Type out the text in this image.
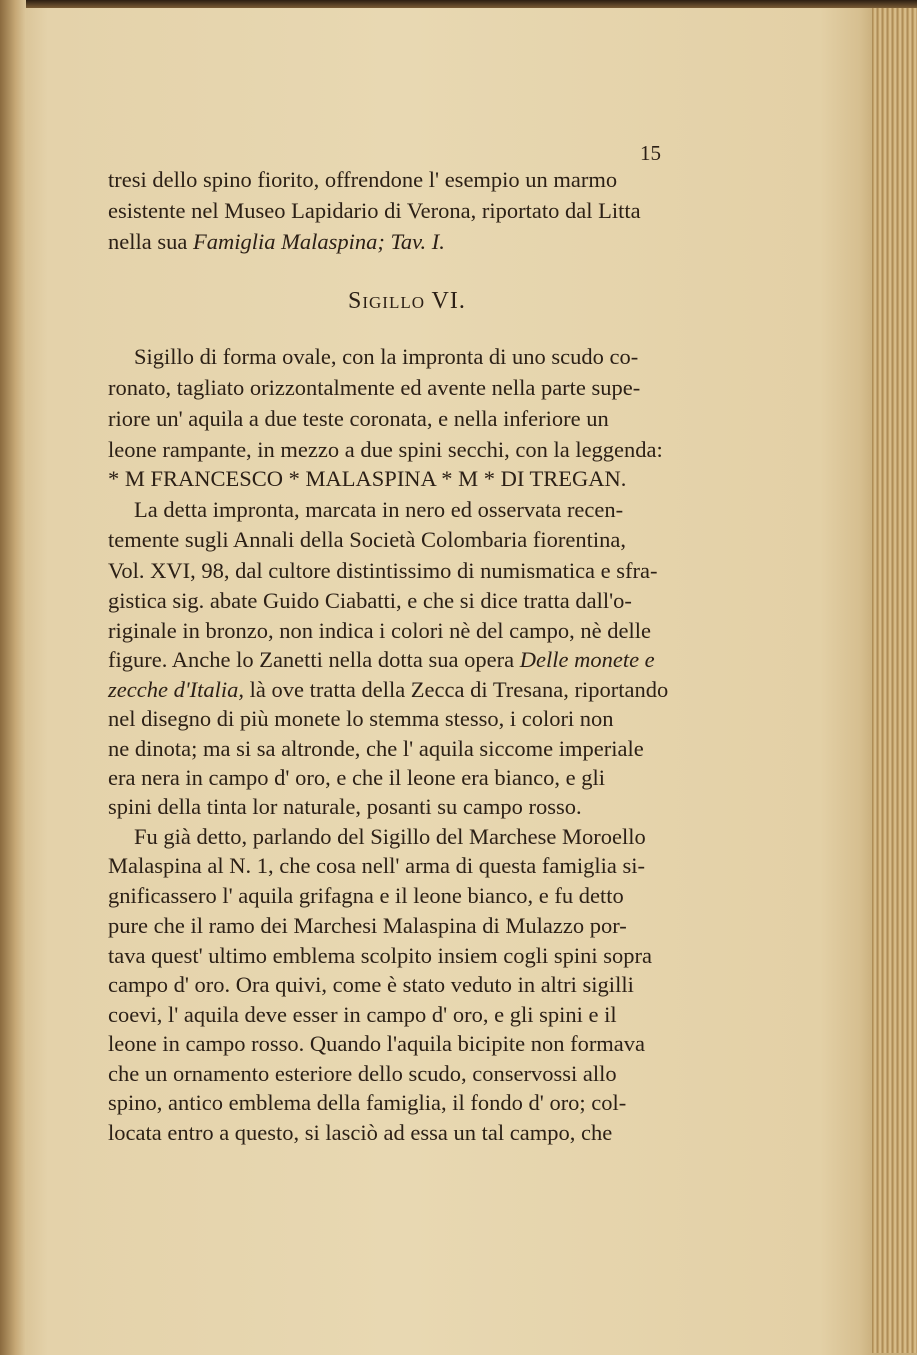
15
tresi dello spino fiorito, offrendone l' esempio un marmo
esistente nel Museo Lapidario di Verona, riportato dal Litta
nella sua Famiglia Malaspina; Tav. I.
Sigillo VI.
Sigillo di forma ovale, con la impronta di uno scudo co-
ronato, tagliato orizzontalmente ed avente nella parte supe-
riore un' aquila a due teste coronata, e nella inferiore un
leone rampante, in mezzo a due spini secchi, con la leggenda:
* M FRANCESCO * MALASPINA * M * DI TREGAN.
La detta impronta, marcata in nero ed osservata recen-
temente sugli Annali della Società Colombaria fiorentina,
Vol. XVI, 98, dal cultore distintissimo di numismatica e sfra-
gistica sig. abate Guido Ciabatti, e che si dice tratta dall'o-
riginale in bronzo, non indica i colori nè del campo, nè delle
figure. Anche lo Zanetti nella dotta sua opera Delle monete e
zecche d'Italia, là ove tratta della Zecca di Tresana, riportando
nel disegno di più monete lo stemma stesso, i colori non
ne dinota; ma si sa altronde, che l' aquila siccome imperiale
era nera in campo d' oro, e che il leone era bianco, e gli
spini della tinta lor naturale, posanti su campo rosso.
Fu già detto, parlando del Sigillo del Marchese Moroello
Malaspina al N. 1, che cosa nell' arma di questa famiglia si-
gnificassero l' aquila grifagna e il leone bianco, e fu detto
pure che il ramo dei Marchesi Malaspina di Mulazzo por-
tava quest' ultimo emblema scolpito insiem cogli spini sopra
campo d' oro. Ora quivi, come è stato veduto in altri sigilli
coevi, l' aquila deve esser in campo d' oro, e gli spini e il
leone in campo rosso. Quando l'aquila bicipite non formava
che un ornamento esteriore dello scudo, conservossi allo
spino, antico emblema della famiglia, il fondo d' oro; col-
locata entro a questo, si lasciò ad essa un tal campo, che
